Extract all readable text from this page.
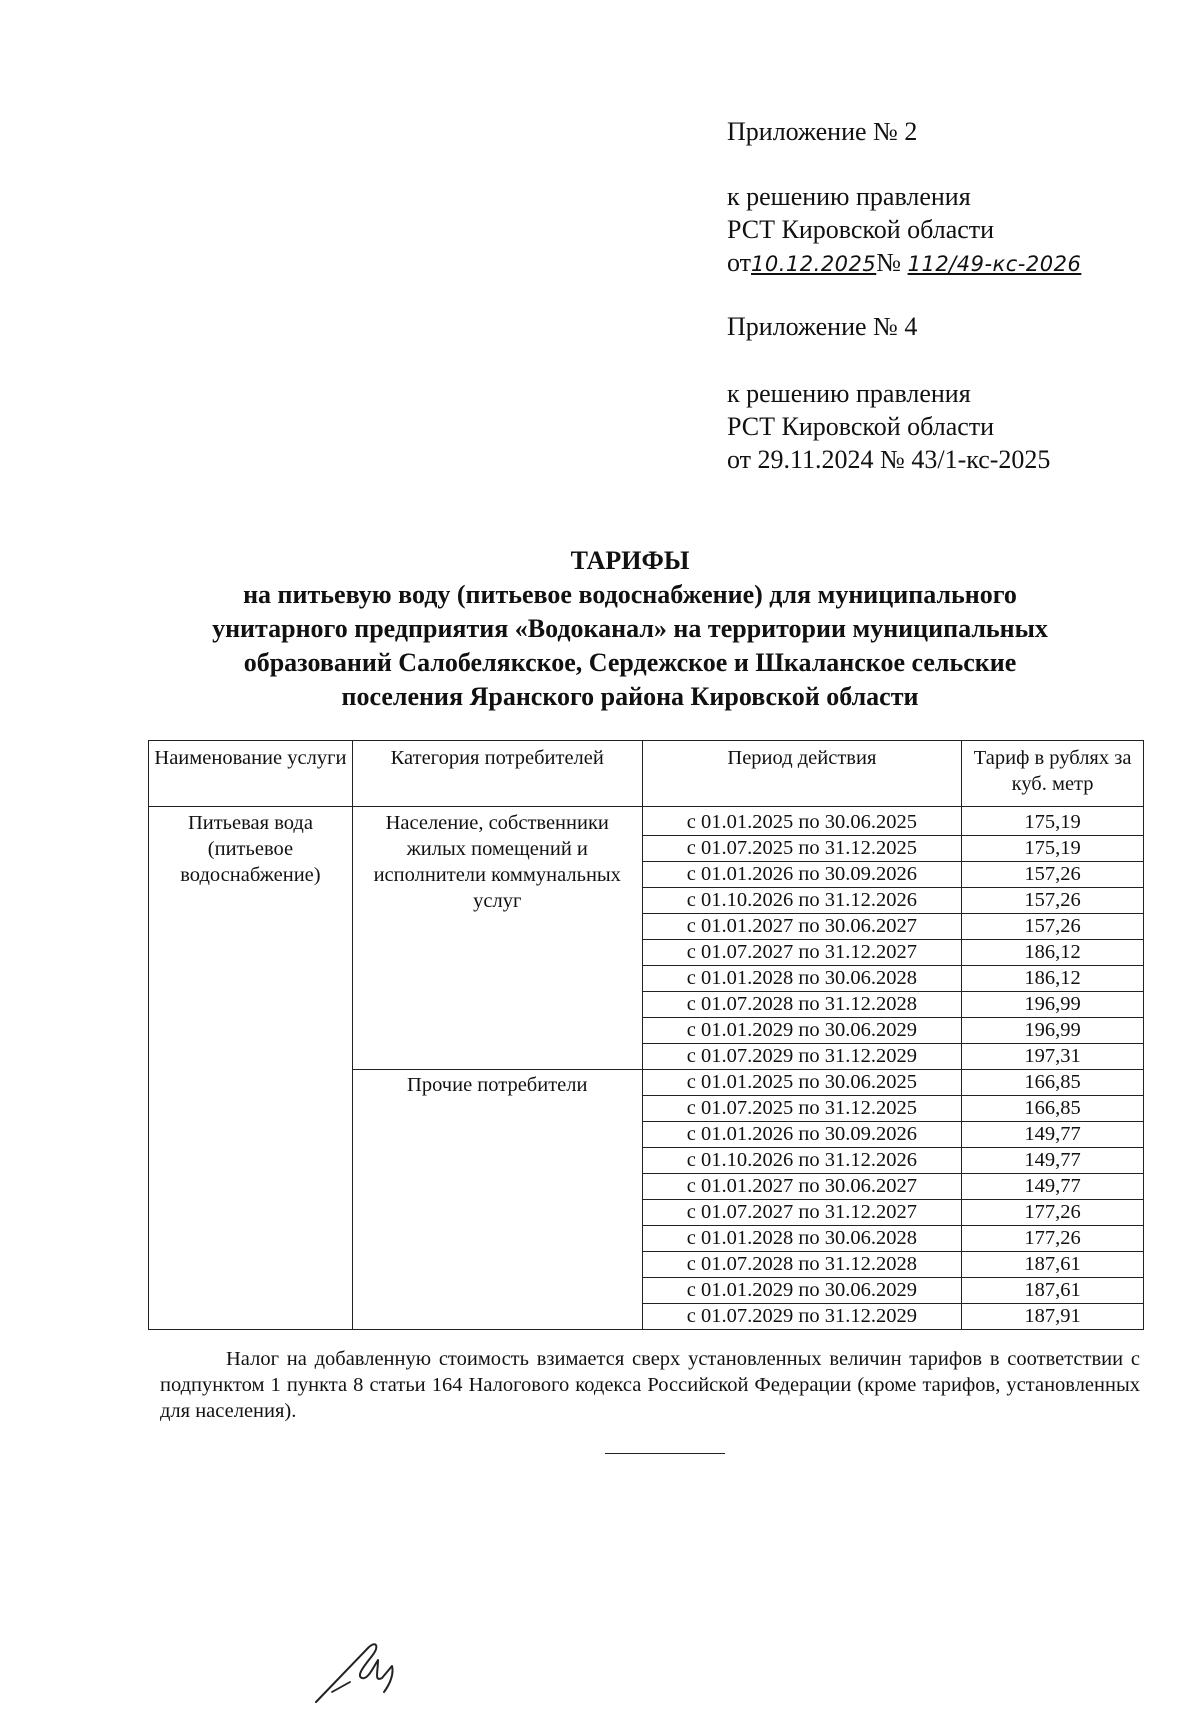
Приложение № 2

к решению правления

РСТ Кировской области

от10.12.2025№ 112/49-кс-2026

Приложение № 4

к решению правления

РСТ Кировской области

от 29.11.2024 № 43/1-кс-2025

ТАРИФЫ

на питьевую воду (питьевое водоснабжение) для муниципального

унитарного предприятия «Водоканал» на территории муниципальных

образований Салобелякское, Сердежское и Шкаланское сельские

поселения Яранского района Кировской области

Наименование услуги	Категория потребителей	Период действия	Тариф в рублях за куб. метр
Питьевая вода (питьевое водоснабжение)	Население, собственники жилых помещений и исполнители коммунальных услуг	с 01.01.2025 по 30.06.2025	175,19
		с 01.07.2025 по 31.12.2025	175,19
		с 01.01.2026 по 30.09.2026	157,26
		с 01.10.2026 по 31.12.2026	157,26
		с 01.01.2027 по 30.06.2027	157,26
		с 01.07.2027 по 31.12.2027	186,12
		с 01.01.2028 по 30.06.2028	186,12
		с 01.07.2028 по 31.12.2028	196,99
		с 01.01.2029 по 30.06.2029	196,99
		с 01.07.2029 по 31.12.2029	197,31
	Прочие потребители	с 01.01.2025 по 30.06.2025	166,85
		с 01.07.2025 по 31.12.2025	166,85
		с 01.01.2026 по 30.09.2026	149,77
		с 01.10.2026 по 31.12.2026	149,77
		с 01.01.2027 по 30.06.2027	149,77
		с 01.07.2027 по 31.12.2027	177,26
		с 01.01.2028 по 30.06.2028	177,26
		с 01.07.2028 по 31.12.2028	187,61
		с 01.01.2029 по 30.06.2029	187,61
		с 01.07.2029 по 31.12.2029	187,91

Налог на добавленную стоимость взимается сверх установленных величин тарифов в соответствии с подпунктом 1 пункта 8 статьи 164 Налогового кодекса Российской Федерации (кроме тарифов, установленных для населения).
